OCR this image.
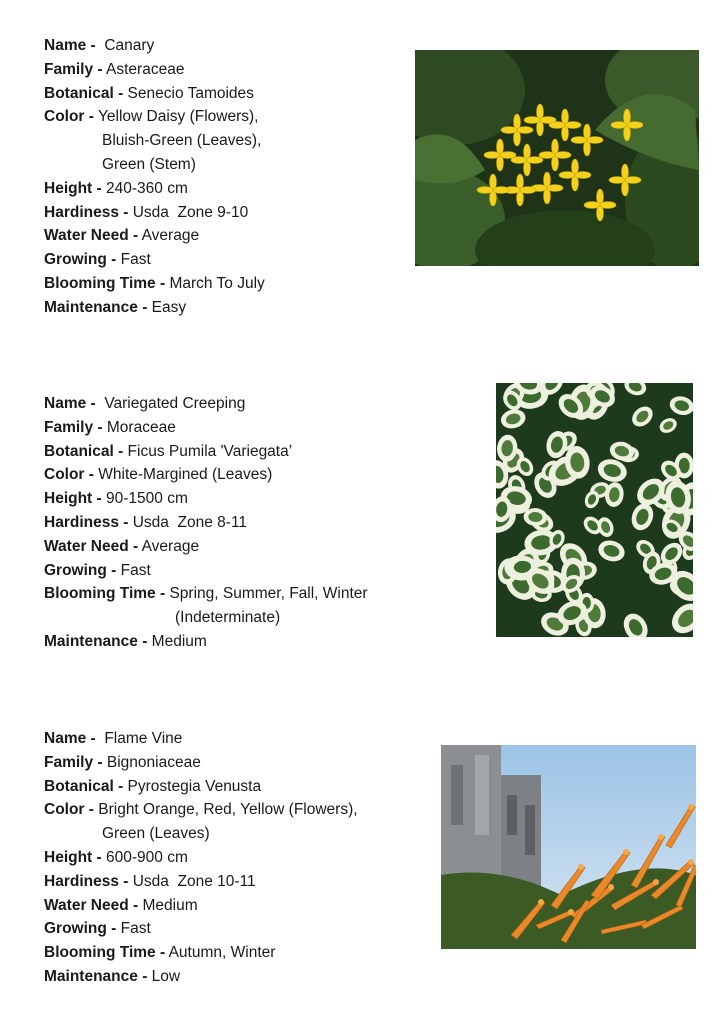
Name - Canary
Family - Asteraceae
Botanical - Senecio Tamoides
Color - Yellow Daisy (Flowers),
Bluish-Green (Leaves),
Green (Stem)
Height - 240-360 cm
Hardiness - Usda  Zone 9-10
Water Need - Average
Growing - Fast
Blooming Time - March To July
Maintenance - Easy
Name - Variegated Creeping
Family - Moraceae
Botanical - Ficus Pumila 'Variegata’
Color - White-Margined (Leaves)
Height - 90-1500 cm
Hardiness - Usda  Zone 8-11
Water Need - Average
Growing - Fast
Blooming Time - Spring, Summer, Fall, Winter
(Indeterminate)
Maintenance - Medium
Name - Flame Vine
Family - Bignoniaceae
Botanical - Pyrostegia Venusta
Color - Bright Orange, Red, Yellow (Flowers),
Green (Leaves)
Height - 600-900 cm
Hardiness - Usda  Zone 10-11
Water Need - Medium
Growing - Fast
Blooming Time - Autumn, Winter
Maintenance - Low
